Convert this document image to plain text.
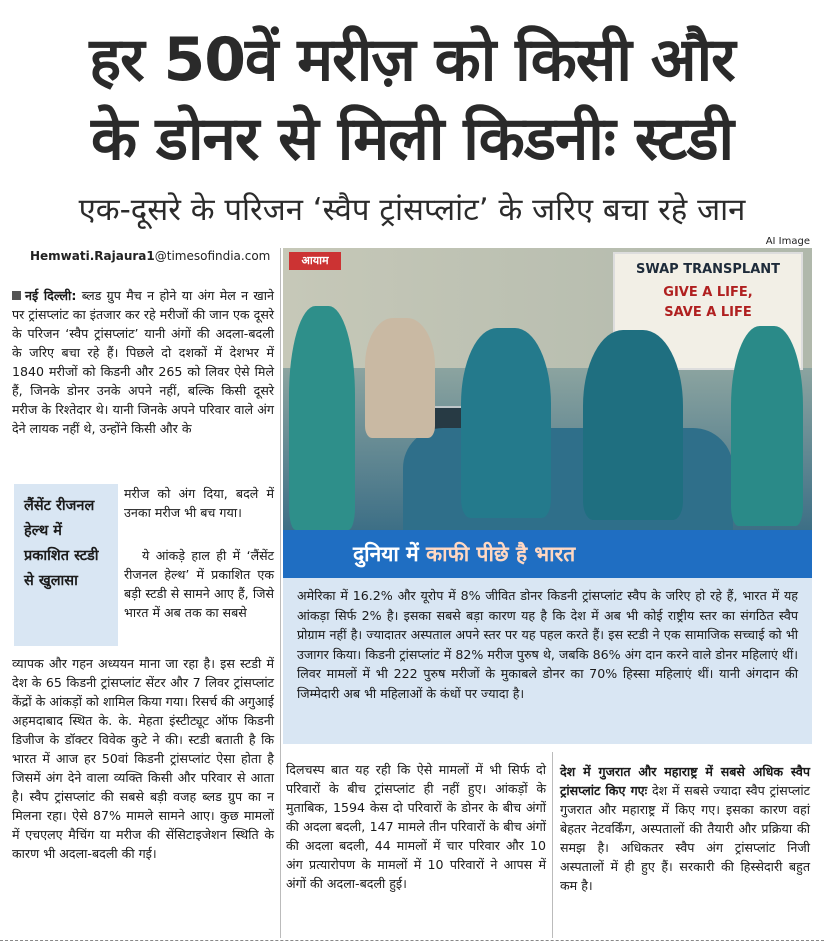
हर 50वें मरीज़ को किसी और
के डोनर से मिली किडनीः स्टडी
एक-दूसरे के परिजन ‘स्वैप ट्रांसप्लांट’ के जरिए बचा रहे जान
Hemwati.Rajaura1@timesofindia.com
AI Image
नई दिल्ली: ब्लड ग्रुप मैच न होने या अंग मेल न खाने पर ट्रांसप्लांट का इंतजार कर रहे मरीजों की जान एक दूसरे के परिजन ‘स्वैप ट्रांसप्लांट’ यानी अंगों की अदला-बदली के जरिए बचा रहे हैं। पिछले दो दशकों में देशभर में 1840 मरीजों को किडनी और 265 को लिवर ऐसे मिले हैं, जिनके डोनर उनके अपने नहीं, बल्कि किसी दूसरे मरीज के रिश्तेदार थे। यानी जिनके अपने परिवार वाले अंग देने लायक नहीं थे, उन्होंने किसी और के
लैंसेंट रीजनल हेल्थ में प्रकाशित स्टडी से खुलासा
मरीज को अंग दिया, बदले में उनका मरीज भी बच गया।
ये आंकड़े हाल ही में ‘लैंसेंट रीजनल हेल्थ’ में प्रकाशित एक बड़ी स्टडी से सामने आए हैं, जिसे भारत में अब तक का सबसे
व्यापक और गहन अध्ययन माना जा रहा है। इस स्टडी में देश के 65 किडनी ट्रांसप्लांट सेंटर और 7 लिवर ट्रांसप्लांट केंद्रों के आंकड़ों को शामिल किया गया। रिसर्च की अगुआई अहमदाबाद स्थित के. के. मेहता इंस्टीट्यूट ऑफ किडनी डिजीज के डॉक्टर विवेक कुटे ने की। स्टडी बताती है कि भारत में आज हर 50वां किडनी ट्रांसप्लांट ऐसा होता है जिसमें अंग देने वाला व्यक्ति किसी और परिवार से आता है। स्वैप ट्रांसप्लांट की सबसे बड़ी वजह ब्लड ग्रुप का न मिलना रहा। ऐसे 87% मामले सामने आए। कुछ मामलों में एचएलए मैचिंग या मरीज की सेंसिटाइजेशन स्थिति के कारण भी अदला-बदली की गई।
आयाम
SWAP TRANSPLANT
GIVE A LIFE,
SAVE A LIFE
दुनिया में काफी पीछे है भारत
अमेरिका में 16.2% और यूरोप में 8% जीवित डोनर किडनी ट्रांसप्लांट स्वैप के जरिए हो रहे हैं, भारत में यह आंकड़ा सिर्फ 2% है। इसका सबसे बड़ा कारण यह है कि देश में अब भी कोई राष्ट्रीय स्तर का संगठित स्वैप प्रोग्राम नहीं है। ज्यादातर अस्पताल अपने स्तर पर यह पहल करते हैं। इस स्टडी ने एक सामाजिक सच्चाई को भी उजागर किया। किडनी ट्रांसप्लांट में 82% मरीज पुरुष थे, जबकि 86% अंग दान करने वाले डोनर महिलाएं थीं। लिवर मामलों में भी 222 पुरुष मरीजों के मुकाबले डोनर का 70% हिस्सा महिलाएं थीं। यानी अंगदान की जिम्मेदारी अब भी महिलाओं के कंधों पर ज्यादा है।
दिलचस्प बात यह रही कि ऐसे मामलों में भी सिर्फ दो परिवारों के बीच ट्रांसप्लांट ही नहीं हुए। आंकड़ों के मुताबिक, 1594 केस दो परिवारों के डोनर के बीच अंगों की अदला बदली, 147 मामले तीन परिवारों के बीच अंगों की अदला बदली, 44 मामलों में चार परिवार और 10 अंग प्रत्यारोपण के मामलों में 10 परिवारों ने आपस में अंगों की अदला-बदली हुई।
देश में गुजरात और महाराष्ट्र में सबसे अधिक स्वैप ट्रांसप्लांट किए गएः देश में सबसे ज्यादा स्वैप ट्रांसप्लांट गुजरात और महाराष्ट्र में किए गए। इसका कारण वहां बेहतर नेटवर्किंग, अस्पतालों की तैयारी और प्रक्रिया की समझ है। अधिकतर स्वैप अंग ट्रांसप्लांट निजी अस्पतालों में ही हुए हैं। सरकारी की हिस्सेदारी बहुत कम है।
